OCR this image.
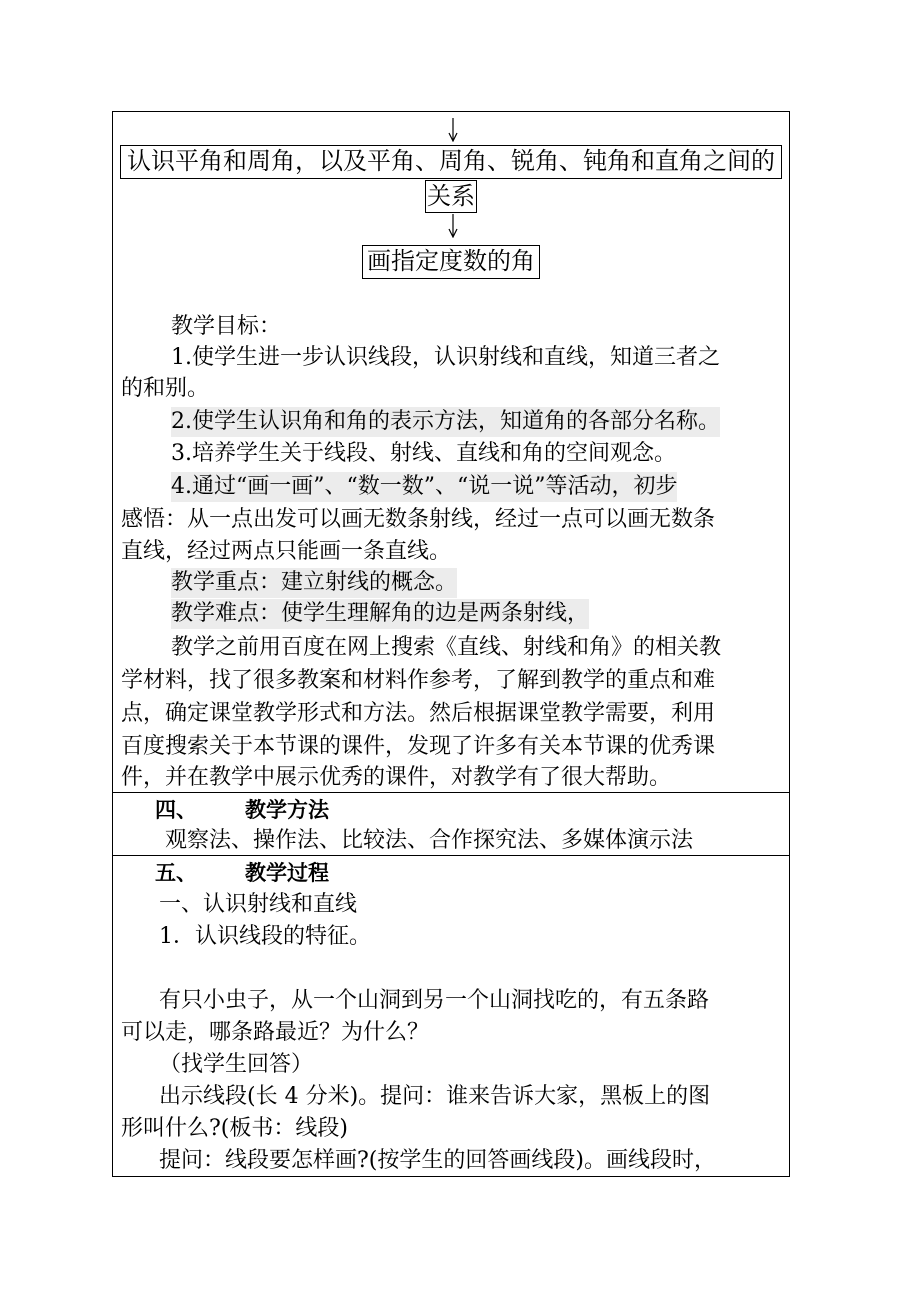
认识平角和周角，以及平角、周角、锐角、钝角和直角之间的
关系
画指定度数的角
教学目标：
1.使学生进一步认识线段，认识射线和直线，知道三者之
的和别。
2.使学生认识角和角的表示方法，知道角的各部分名称。
3.培养学生关于线段、射线、直线和角的空间观念。
4.通过“画一画”、“数一数”、“说一说”等活动，初步
感悟：从一点出发可以画无数条射线，经过一点可以画无数条
直线，经过两点只能画一条直线。
教学重点：建立射线的概念。
教学难点：使学生理解角的边是两条射线，
教学之前用百度在网上搜索《直线、射线和角》的相关教
学材料，找了很多教案和材料作参考，了解到教学的重点和难
点，确定课堂教学形式和方法。然后根据课堂教学需要，利用
百度搜索关于本节课的课件，发现了许多有关本节课的优秀课
件，并在教学中展示优秀的课件，对教学有了很大帮助。
四、 教学方法
观察法、操作法、比较法、合作探究法、多媒体演示法
五、 教学过程
一、认识射线和直线
1．认识线段的特征。
有只小虫子，从一个山洞到另一个山洞找吃的，有五条路
可以走，哪条路最近？为什么？
（找学生回答）
出示线段(长 4 分米)。提问：谁来告诉大家，黑板上的图
形叫什么?(板书：线段)
提问：线段要怎样画?(按学生的回答画线段)。画线段时，
